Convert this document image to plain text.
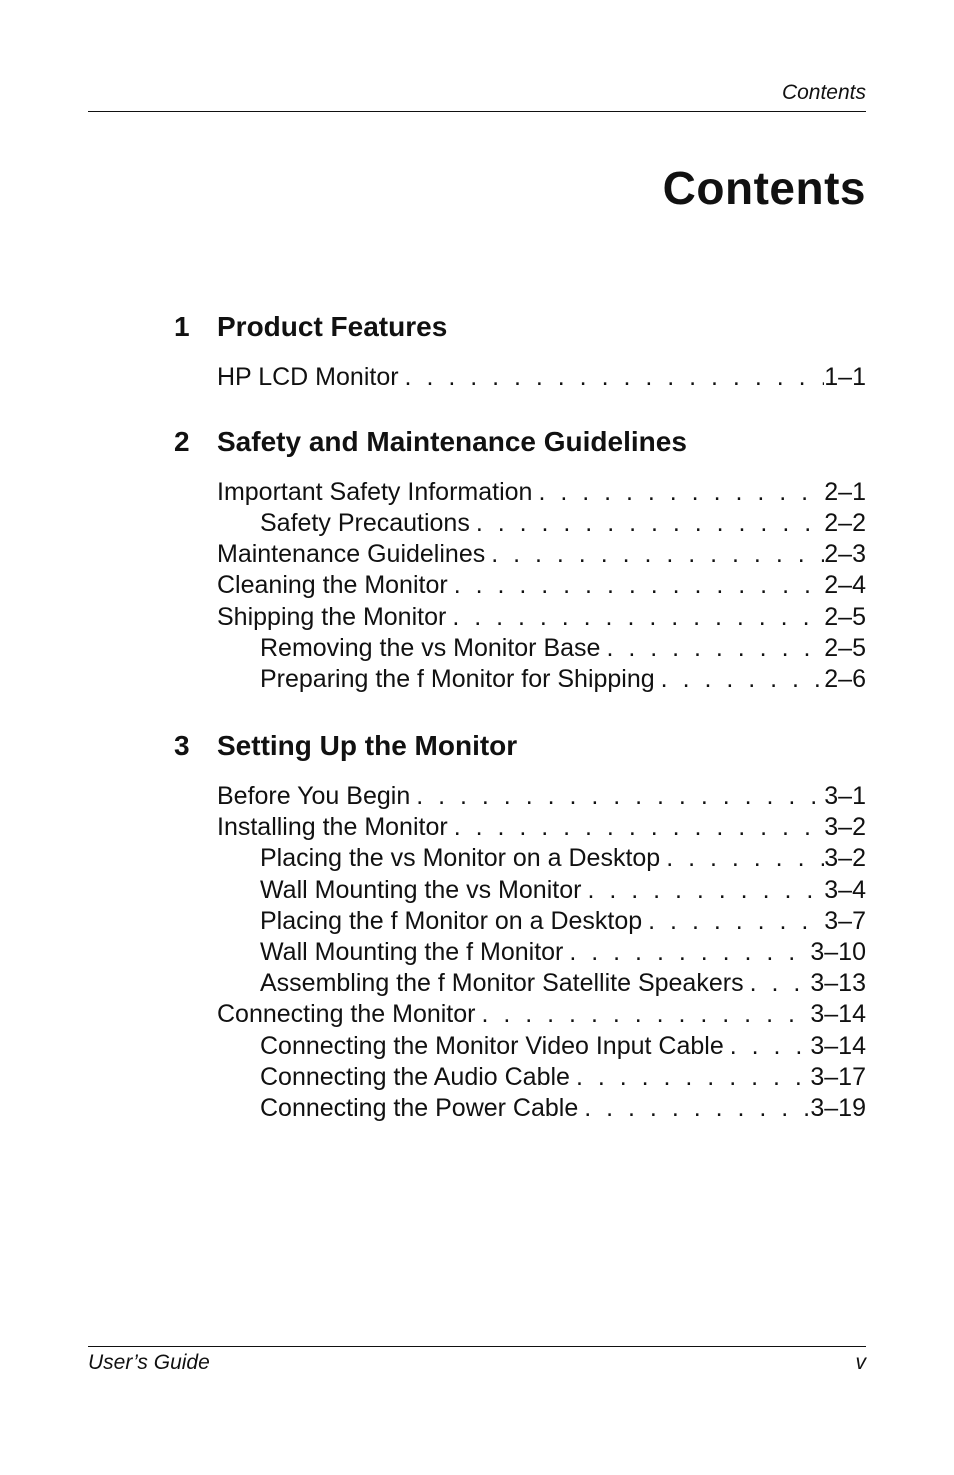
Contents
Contents
1 Product Features
HP LCD Monitor . . .	1–1
2 Safety and Maintenance Guidelines
Important Safety Information . . .	2–1
Safety Precautions . . .	2–2
Maintenance Guidelines . . .	2–3
Cleaning the Monitor . . .	2–4
Shipping the Monitor . . .	2–5
Removing the vs Monitor Base . . .	2–5
Preparing the f Monitor for Shipping . . .	2–6
3 Setting Up the Monitor
Before You Begin . . .	3–1
Installing the Monitor . . .	3–2
Placing the vs Monitor on a Desktop . . .	3–2
Wall Mounting the vs Monitor . . .	3–4
Placing the f Monitor on a Desktop . . .	3–7
Wall Mounting the f Monitor . . .	3–10
Assembling the f Monitor Satellite Speakers . . .	3–13
Connecting the Monitor . . .	3–14
Connecting the Monitor Video Input Cable . . .	3–14
Connecting the Audio Cable . . .	3–17
Connecting the Power Cable . . .	3–19
User’s Guide	v
